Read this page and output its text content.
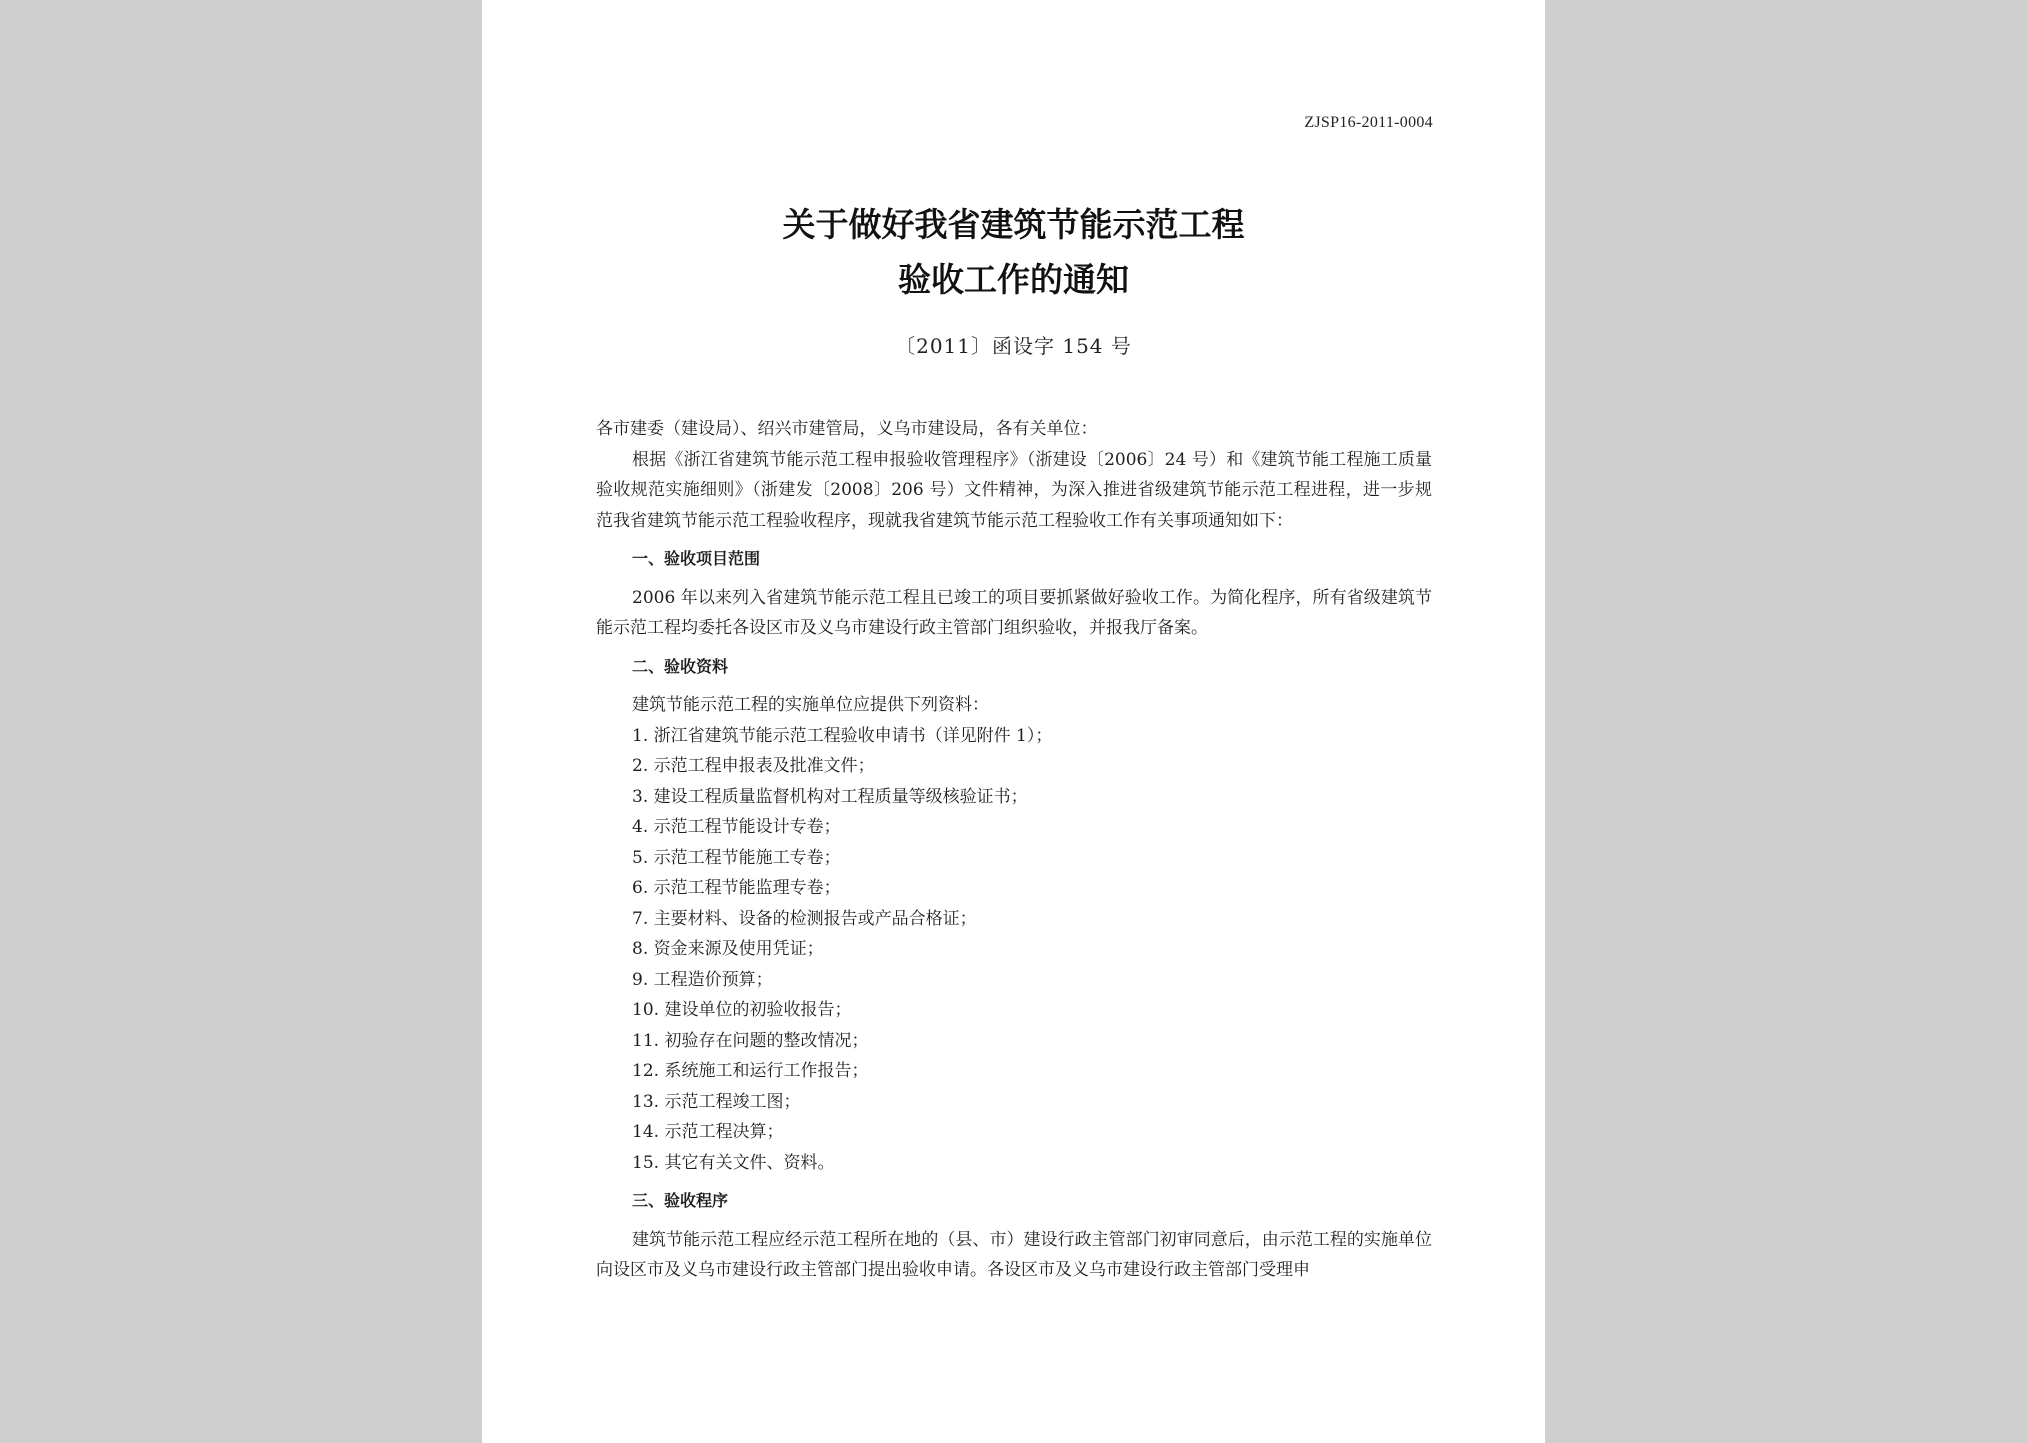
ZJSP16-2011-0004
关于做好我省建筑节能示范工程
验收工作的通知
〔2011〕函设字 154 号

各市建委（建设局）、绍兴市建管局，义乌市建设局，各有关单位：

根据《浙江省建筑节能示范工程申报验收管理程序》（浙建设〔2006〕24 号）和《建筑节能工程施工质量验收规范实施细则》（浙建发〔2008〕206 号）文件精神，为深入推进省级建筑节能示范工程进程，进一步规范我省建筑节能示范工程验收程序，现就我省建筑节能示范工程验收工作有关事项通知如下：

一、验收项目范围

2006 年以来列入省建筑节能示范工程且已竣工的项目要抓紧做好验收工作。为简化程序，所有省级建筑节能示范工程均委托各设区市及义乌市建设行政主管部门组织验收，并报我厅备案。

二、验收资料

建筑节能示范工程的实施单位应提供下列资料：

1. 浙江省建筑节能示范工程验收申请书（详见附件 1）；
2. 示范工程申报表及批准文件；
3. 建设工程质量监督机构对工程质量等级核验证书；
4. 示范工程节能设计专卷；
5. 示范工程节能施工专卷；
6. 示范工程节能监理专卷；
7. 主要材料、设备的检测报告或产品合格证；
8. 资金来源及使用凭证；
9. 工程造价预算；
10. 建设单位的初验收报告；
11. 初验存在问题的整改情况；
12. 系统施工和运行工作报告；
13. 示范工程竣工图；
14. 示范工程决算；
15. 其它有关文件、资料。

三、验收程序

建筑节能示范工程应经示范工程所在地的（县、市）建设行政主管部门初审同意后，由示范工程的实施单位向设区市及义乌市建设行政主管部门提出验收申请。各设区市及义乌市建设行政主管部门受理申
